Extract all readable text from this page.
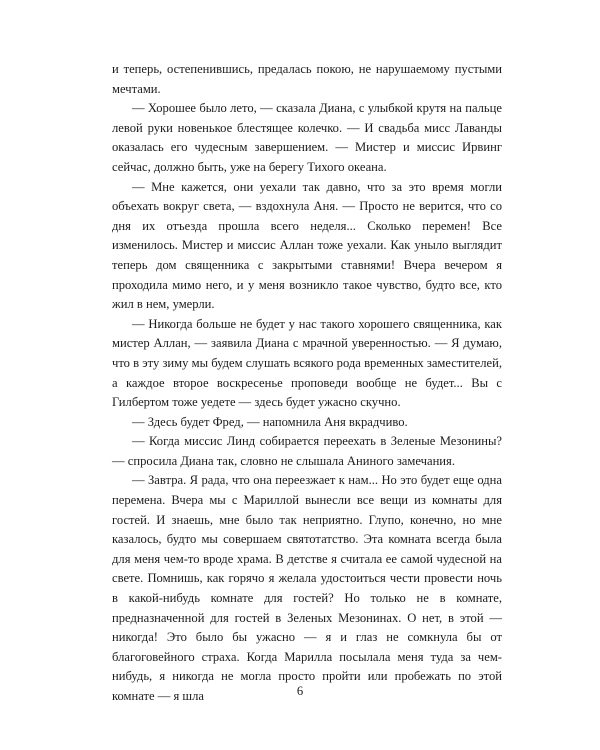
и теперь, остепенившись, предалась покою, не нарушаемому пустыми мечтами.

— Хорошее было лето, — сказала Диана, с улыбкой крутя на пальце левой руки новенькое блестящее колечко. — И свадьба мисс Лаванды оказалась его чудесным завершением. — Мистер и миссис Ирвинг сейчас, должно быть, уже на берегу Тихого океана.

— Мне кажется, они уехали так давно, что за это время могли объехать вокруг света, — вздохнула Аня. — Просто не верится, что со дня их отъезда прошла всего неделя... Сколько перемен! Все изменилось. Мистер и миссис Аллан тоже уехали. Как уныло выглядит теперь дом священника с закрытыми ставнями! Вчера вечером я проходила мимо него, и у меня возникло такое чувство, будто все, кто жил в нем, умерли.

— Никогда больше не будет у нас такого хорошего священника, как мистер Аллан, — заявила Диана с мрачной уверенностью. — Я думаю, что в эту зиму мы будем слушать всякого рода временных заместителей, а каждое второе воскресенье проповеди вообще не будет... Вы с Гилбертом тоже уедете — здесь будет ужасно скучно.

— Здесь будет Фред, — напомнила Аня вкрадчиво.

— Когда миссис Линд собирается переехать в Зеленые Мезонины? — спросила Диана так, словно не слышала Аниного замечания.

— Завтра. Я рада, что она переезжает к нам... Но это будет еще одна перемена. Вчера мы с Мариллой вынесли все вещи из комнаты для гостей. И знаешь, мне было так неприятно. Глупо, конечно, но мне казалось, будто мы совершаем святотатство. Эта комната всегда была для меня чем-то вроде храма. В детстве я считала ее самой чудесной на свете. Помнишь, как горячо я желала удостоиться чести провести ночь в какой-нибудь комнате для гостей? Но только не в комнате, предназначенной для гостей в Зеленых Мезонинах. О нет, в этой — никогда! Это было бы ужасно — я и глаз не сомкнула бы от благоговейного страха. Когда Марилла посылала меня туда за чем-нибудь, я никогда не могла просто пройти или пробежать по этой комнате — я шла	6
